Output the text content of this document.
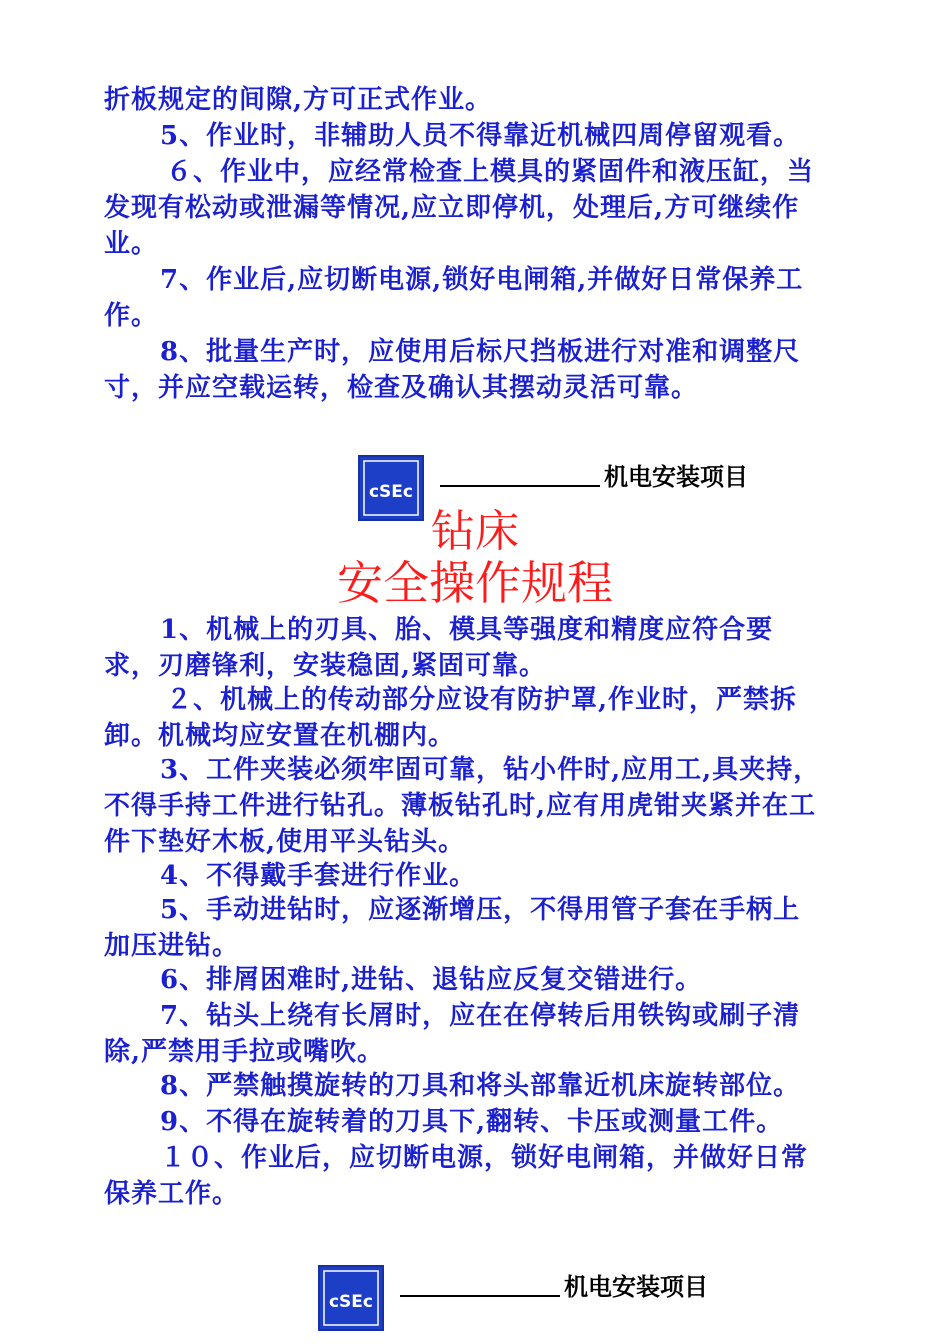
折板规定的间隙,方可正式作业。

5、作业时，非辅助人员不得靠近机械四周停留观看。

６、作业中，应经常检查上模具的紧固件和液压缸，当发现有松动或泄漏等情况,应立即停机，处理后,方可继续作业。

7、作业后,应切断电源,锁好电闸箱,并做好日常保养工作。

8、批量生产时，应使用后标尺挡板进行对准和调整尺寸，并应空载运转，检查及确认其摆动灵活可靠。

cSEc
机电安装项目
钻床
安全操作规程

1、机械上的刃具、胎、模具等强度和精度应符合要求，刃磨锋利，安装稳固,紧固可靠。

２、机械上的传动部分应设有防护罩,作业时，严禁拆卸。机械均应安置在机棚内。

3、工件夹装必须牢固可靠，钻小件时,应用工,具夹持，不得手持工件进行钻孔。薄板钻孔时,应有用虎钳夹紧并在工件下垫好木板,使用平头钻头。

4、不得戴手套进行作业。

5、手动进钻时，应逐渐增压，不得用管子套在手柄上加压进钻。

6、排屑困难时,进钻、退钻应反复交错进行。

7、钻头上绕有长屑时，应在在停转后用铁钩或刷子清除,严禁用手拉或嘴吹。

8、严禁触摸旋转的刀具和将头部靠近机床旋转部位。

9、不得在旋转着的刀具下,翻转、卡压或测量工件。

１０、作业后，应切断电源，锁好电闸箱，并做好日常保养工作。

cSEc
机电安装项目
